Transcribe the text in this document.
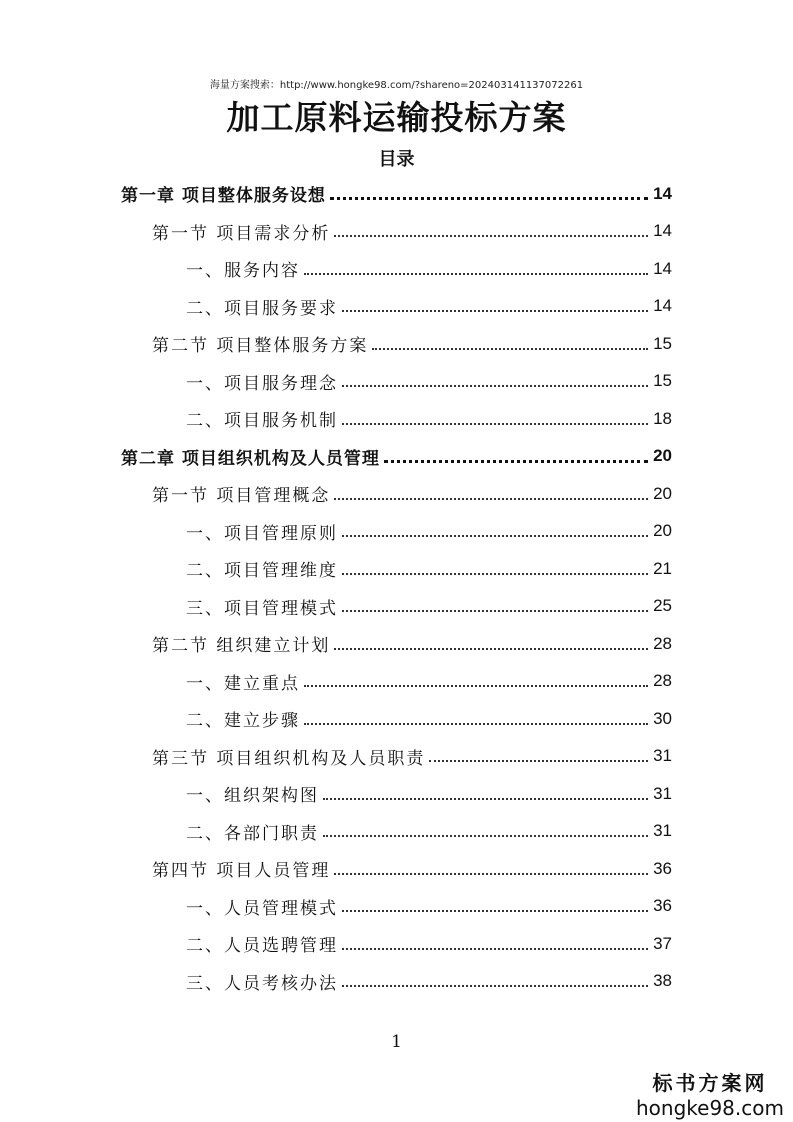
海量方案搜索：http://www.hongke98.com/?shareno=20240314113707226​1
加工原料运输投标方案
目录
第一章 项目整体服务设想	14
第一节 项目需求分析	14
一、服务内容	14
二、项目服务要求	14
第二节 项目整体服务方案	15
一、项目服务理念	15
二、项目服务机制	18
第二章 项目组织机构及人员管理	20
第一节 项目管理概念	20
一、项目管理原则	20
二、项目管理维度	21
三、项目管理模式	25
第二节 组织建立计划	28
一、建立重点	28
二、建立步骤	30
第三节 项目组织机构及人员职责	31
一、组织架构图	31
二、各部门职责	31
第四节 项目人员管理	36
一、人员管理模式	36
二、人员选聘管理	37
三、人员考核办法	38
1
标书方案网
hongke98.com
